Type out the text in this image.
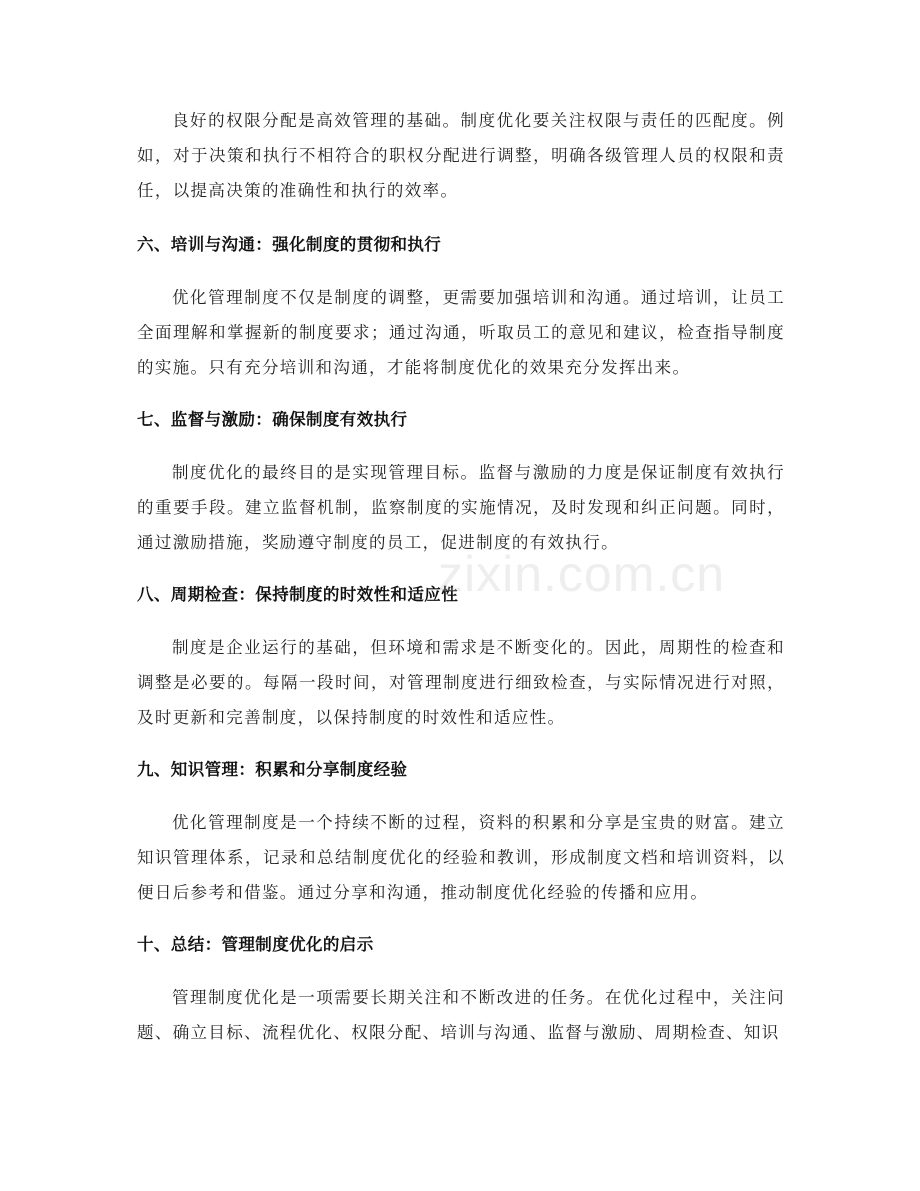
良好的权限分配是高效管理的基础。制度优化要关注权限与责任的匹配度。例如，对于决策和执行不相符合的职权分配进行调整，明确各级管理人员的权限和责任，以提高决策的准确性和执行的效率。

六、培训与沟通：强化制度的贯彻和执行

优化管理制度不仅是制度的调整，更需要加强培训和沟通。通过培训，让员工全面理解和掌握新的制度要求；通过沟通，听取员工的意见和建议，检查指导制度的实施。只有充分培训和沟通，才能将制度优化的效果充分发挥出来。

七、监督与激励：确保制度有效执行

制度优化的最终目的是实现管理目标。监督与激励的力度是保证制度有效执行的重要手段。建立监督机制，监察制度的实施情况，及时发现和纠正问题。同时，通过激励措施，奖励遵守制度的员工，促进制度的有效执行。

八、周期检查：保持制度的时效性和适应性

制度是企业运行的基础，但环境和需求是不断变化的。因此，周期性的检查和调整是必要的。每隔一段时间，对管理制度进行细致检查，与实际情况进行对照，及时更新和完善制度，以保持制度的时效性和适应性。

九、知识管理：积累和分享制度经验

优化管理制度是一个持续不断的过程，资料的积累和分享是宝贵的财富。建立知识管理体系，记录和总结制度优化的经验和教训，形成制度文档和培训资料，以便日后参考和借鉴。通过分享和沟通，推动制度优化经验的传播和应用。

十、总结：管理制度优化的启示

管理制度优化是一项需要长期关注和不断改进的任务。在优化过程中，关注问题、确立目标、流程优化、权限分配、培训与沟通、监督与激励、周期检查、知识

zixin.com.cn
